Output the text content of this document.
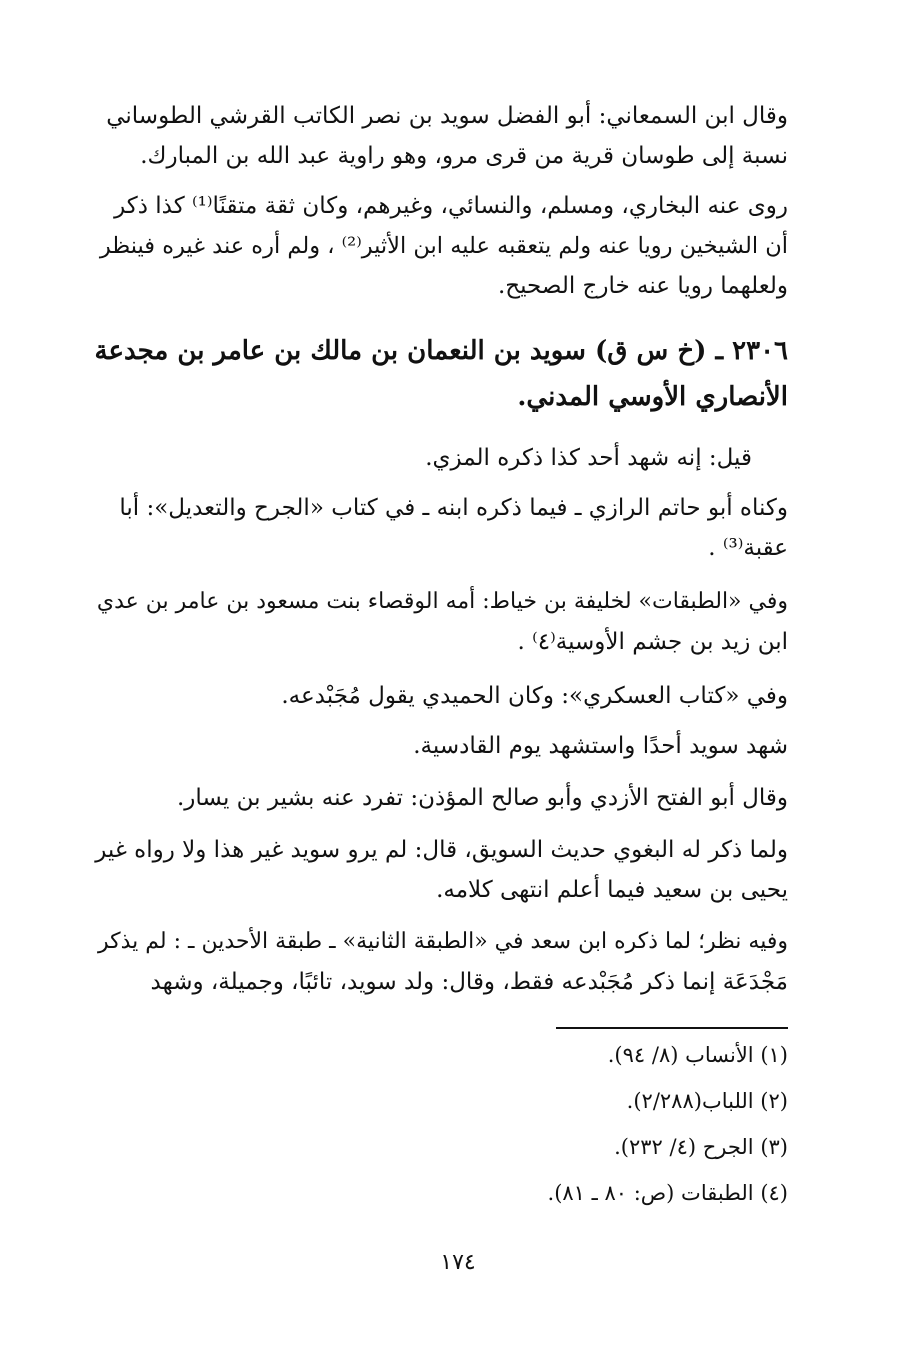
وقال ابن السمعاني: أبو الفضل سويد بن نصر الكاتب القرشي الطوساني
نسبة إلى طوسان قرية من قرى مرو، وهو راوية عبد الله بن المبارك.
روى عنه البخاري، ومسلم، والنسائي، وغيرهم، وكان ثقة متقنًا⁽¹⁾ كذا ذكر
أن الشيخين رويا عنه ولم يتعقبه عليه ابن الأثير⁽²⁾ ، ولم أره عند غيره فينظر
ولعلهما رويا عنه خارج الصحيح.
٢٣٠٦ ـ (خ س ق) سويد بن النعمان بن مالك بن عامر بن مجدعة
الأنصاري الأوسي المدني.
قيل: إنه شهد أحد كذا ذكره المزي.
وكناه أبو حاتم الرازي ـ فيما ذكره ابنه ـ في كتاب «الجرح والتعديل»: أبا
عقبة⁽³⁾ .
وفي «الطبقات» لخليفة بن خياط: أمه الوقصاء بنت مسعود بن عامر بن عدي
ابن زيد بن جشم الأوسية⁽٤⁾ .
وفي «كتاب العسكري»: وكان الحميدي يقول مُجَبْدعه.
شهد سويد أحدًا واستشهد يوم القادسية.
وقال أبو الفتح الأزدي وأبو صالح المؤذن: تفرد عنه بشير بن يسار.
ولما ذكر له البغوي حديث السويق، قال: لم يرو سويد غير هذا ولا رواه غير
يحيى بن سعيد فيما أعلم انتهى كلامه.
وفيه نظر؛ لما ذكره ابن سعد في «الطبقة الثانية» ـ طبقة الأحدين ـ : لم يذكر
مَجْدَعَة إنما ذكر مُجَبْدعه فقط، وقال: ولد سويد، تائبًا، وجميلة، وشهد
(١) الأنساب (٨/ ٩٤).
(٢) اللباب(٢/٢٨٨).
(٣) الجرح (٤/ ٢٣٢).
(٤) الطبقات (ص: ٨٠ ـ ٨١).
١٧٤
